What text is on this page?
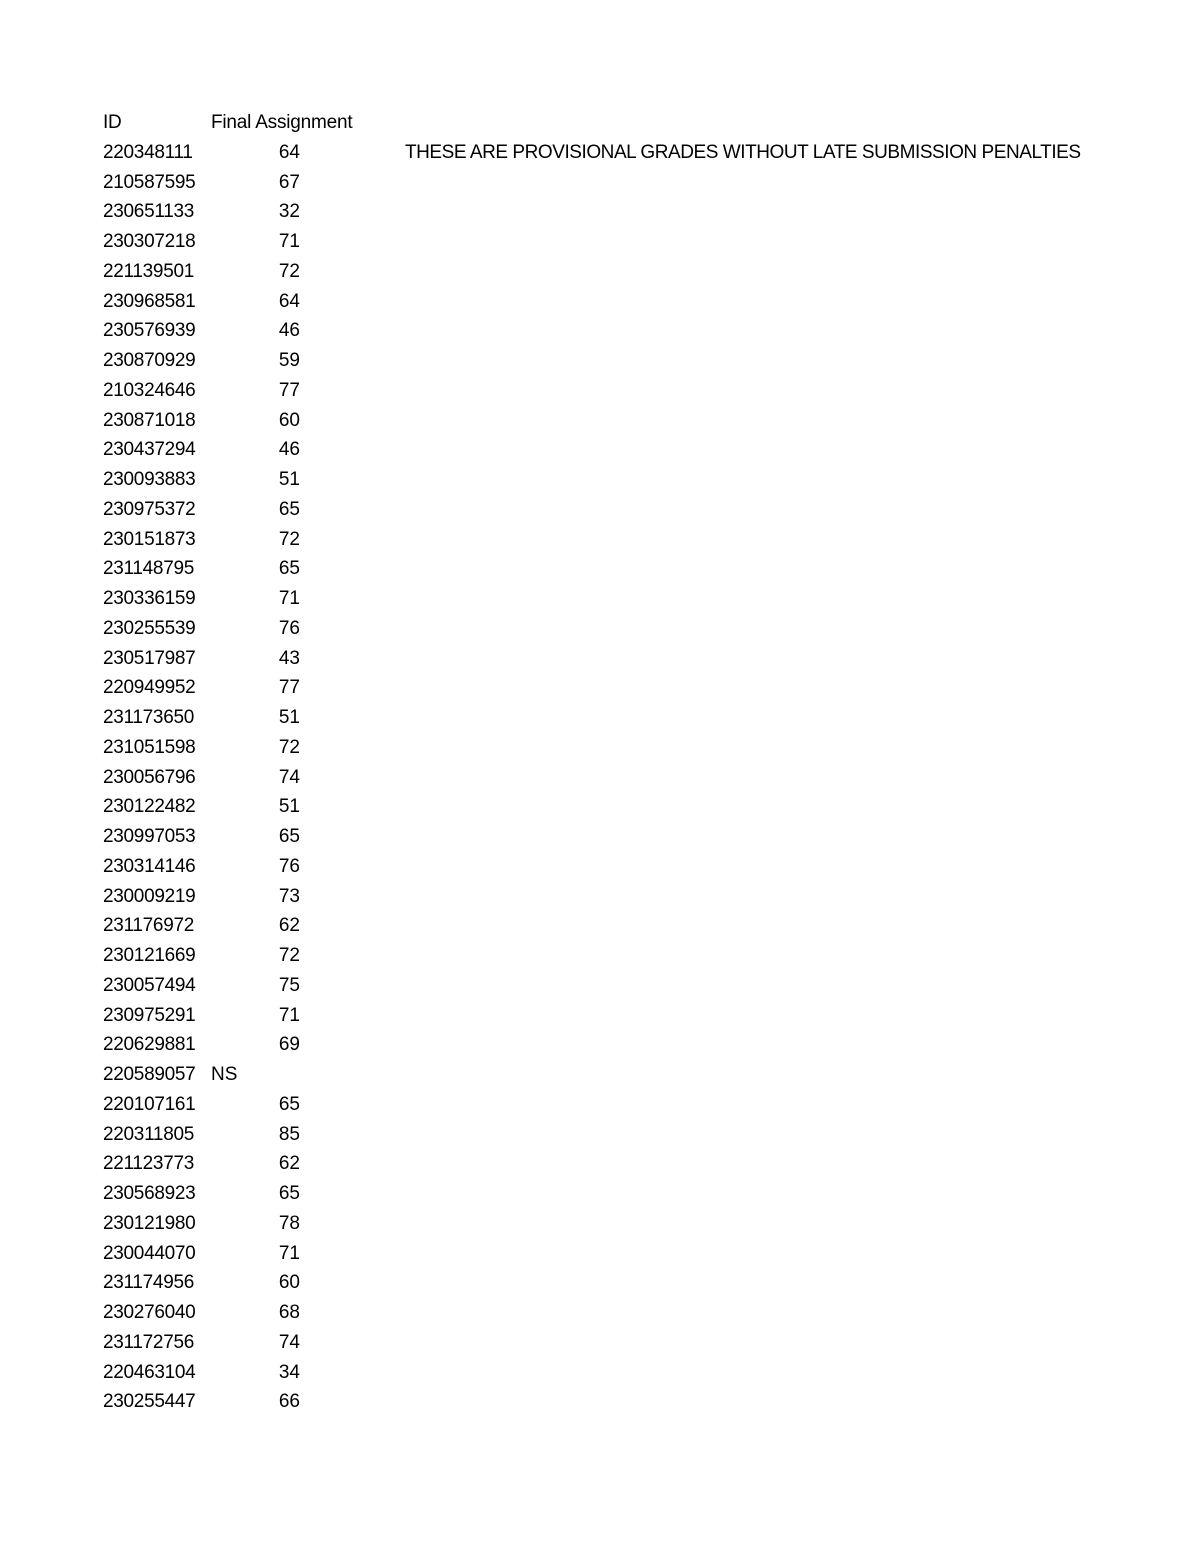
ID	Final Assignment
220348111	64	THESE ARE PROVISIONAL GRADES WITHOUT LATE SUBMISSION PENALTIES
210587595	67
230651133	32
230307218	71
221139501	72
230968581	64
230576939	46
230870929	59
210324646	77
230871018	60
230437294	46
230093883	51
230975372	65
230151873	72
231148795	65
230336159	71
230255539	76
230517987	43
220949952	77
231173650	51
231051598	72
230056796	74
230122482	51
230997053	65
230314146	76
230009219	73
231176972	62
230121669	72
230057494	75
230975291	71
220629881	69
220589057 NS
220107161	65
220311805	85
221123773	62
230568923	65
230121980	78
230044070	71
231174956	60
230276040	68
231172756	74
220463104	34
230255447	66
